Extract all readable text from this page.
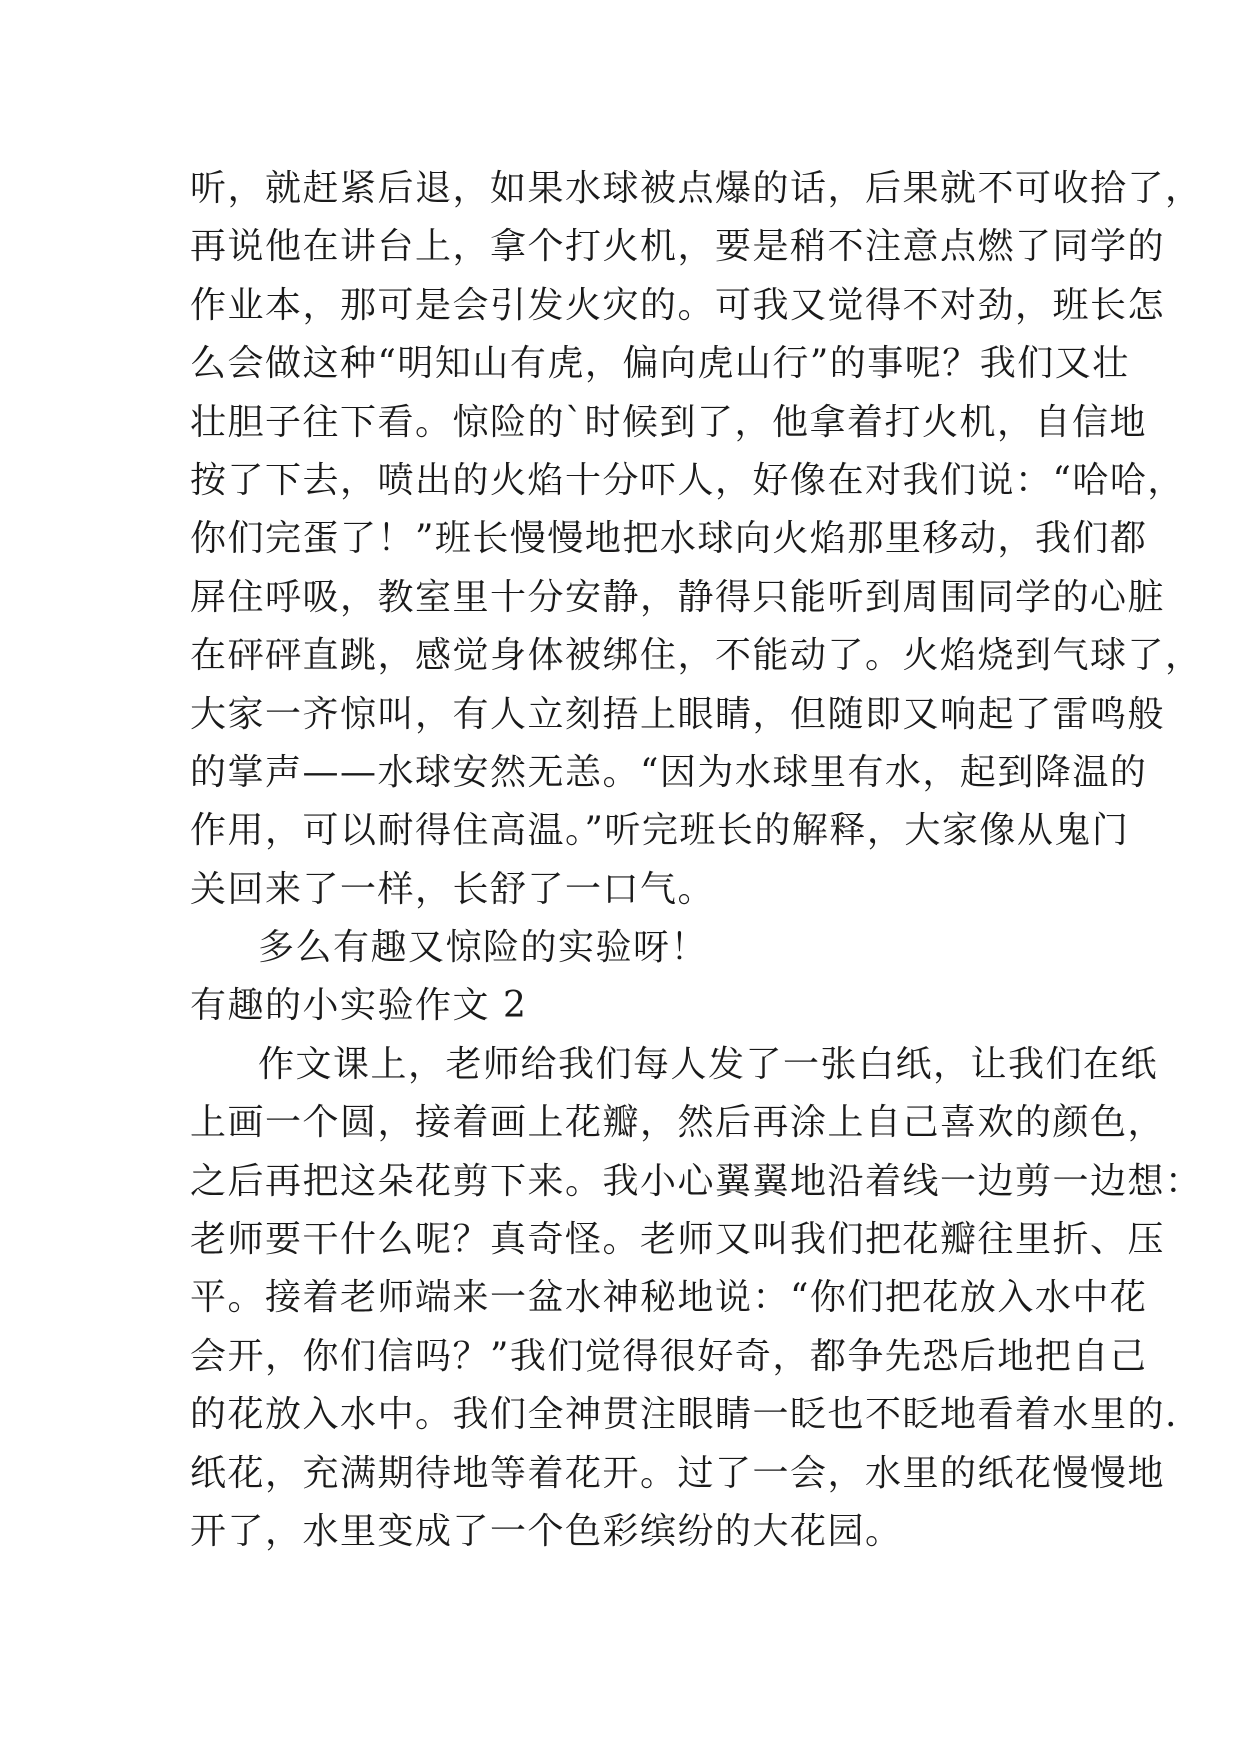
听，就赶紧后退，如果水球被点爆的话，后果就不可收拾了，
再说他在讲台上，拿个打火机，要是稍不注意点燃了同学的
作业本，那可是会引发火灾的。可我又觉得不对劲，班长怎
么会做这种“明知山有虎，偏向虎山行”的事呢？我们又壮
壮胆子往下看。惊险的`时候到了，他拿着打火机，自信地
按了下去，喷出的火焰十分吓人，好像在对我们说：“哈哈，
你们完蛋了！”班长慢慢地把水球向火焰那里移动，我们都
屏住呼吸，教室里十分安静，静得只能听到周围同学的心脏
在砰砰直跳，感觉身体被绑住，不能动了。火焰烧到气球了，
大家一齐惊叫，有人立刻捂上眼睛，但随即又响起了雷鸣般
的掌声——水球安然无恙。“因为水球里有水，起到降温的
作用，可以耐得住高温。”听完班长的解释，大家像从鬼门
关回来了一样，长舒了一口气。
多么有趣又惊险的实验呀！
有趣的小实验作文 2
作文课上，老师给我们每人发了一张白纸，让我们在纸
上画一个圆，接着画上花瓣，然后再涂上自己喜欢的颜色，
之后再把这朵花剪下来。我小心翼翼地沿着线一边剪一边想：
老师要干什么呢？真奇怪。老师又叫我们把花瓣往里折、压
平。接着老师端来一盆水神秘地说：“你们把花放入水中花
会开，你们信吗？”我们觉得很好奇，都争先恐后地把自己
的花放入水中。我们全神贯注眼睛一眨也不眨地看着水里的.
纸花，充满期待地等着花开。过了一会，水里的纸花慢慢地
开了，水里变成了一个色彩缤纷的大花园。
